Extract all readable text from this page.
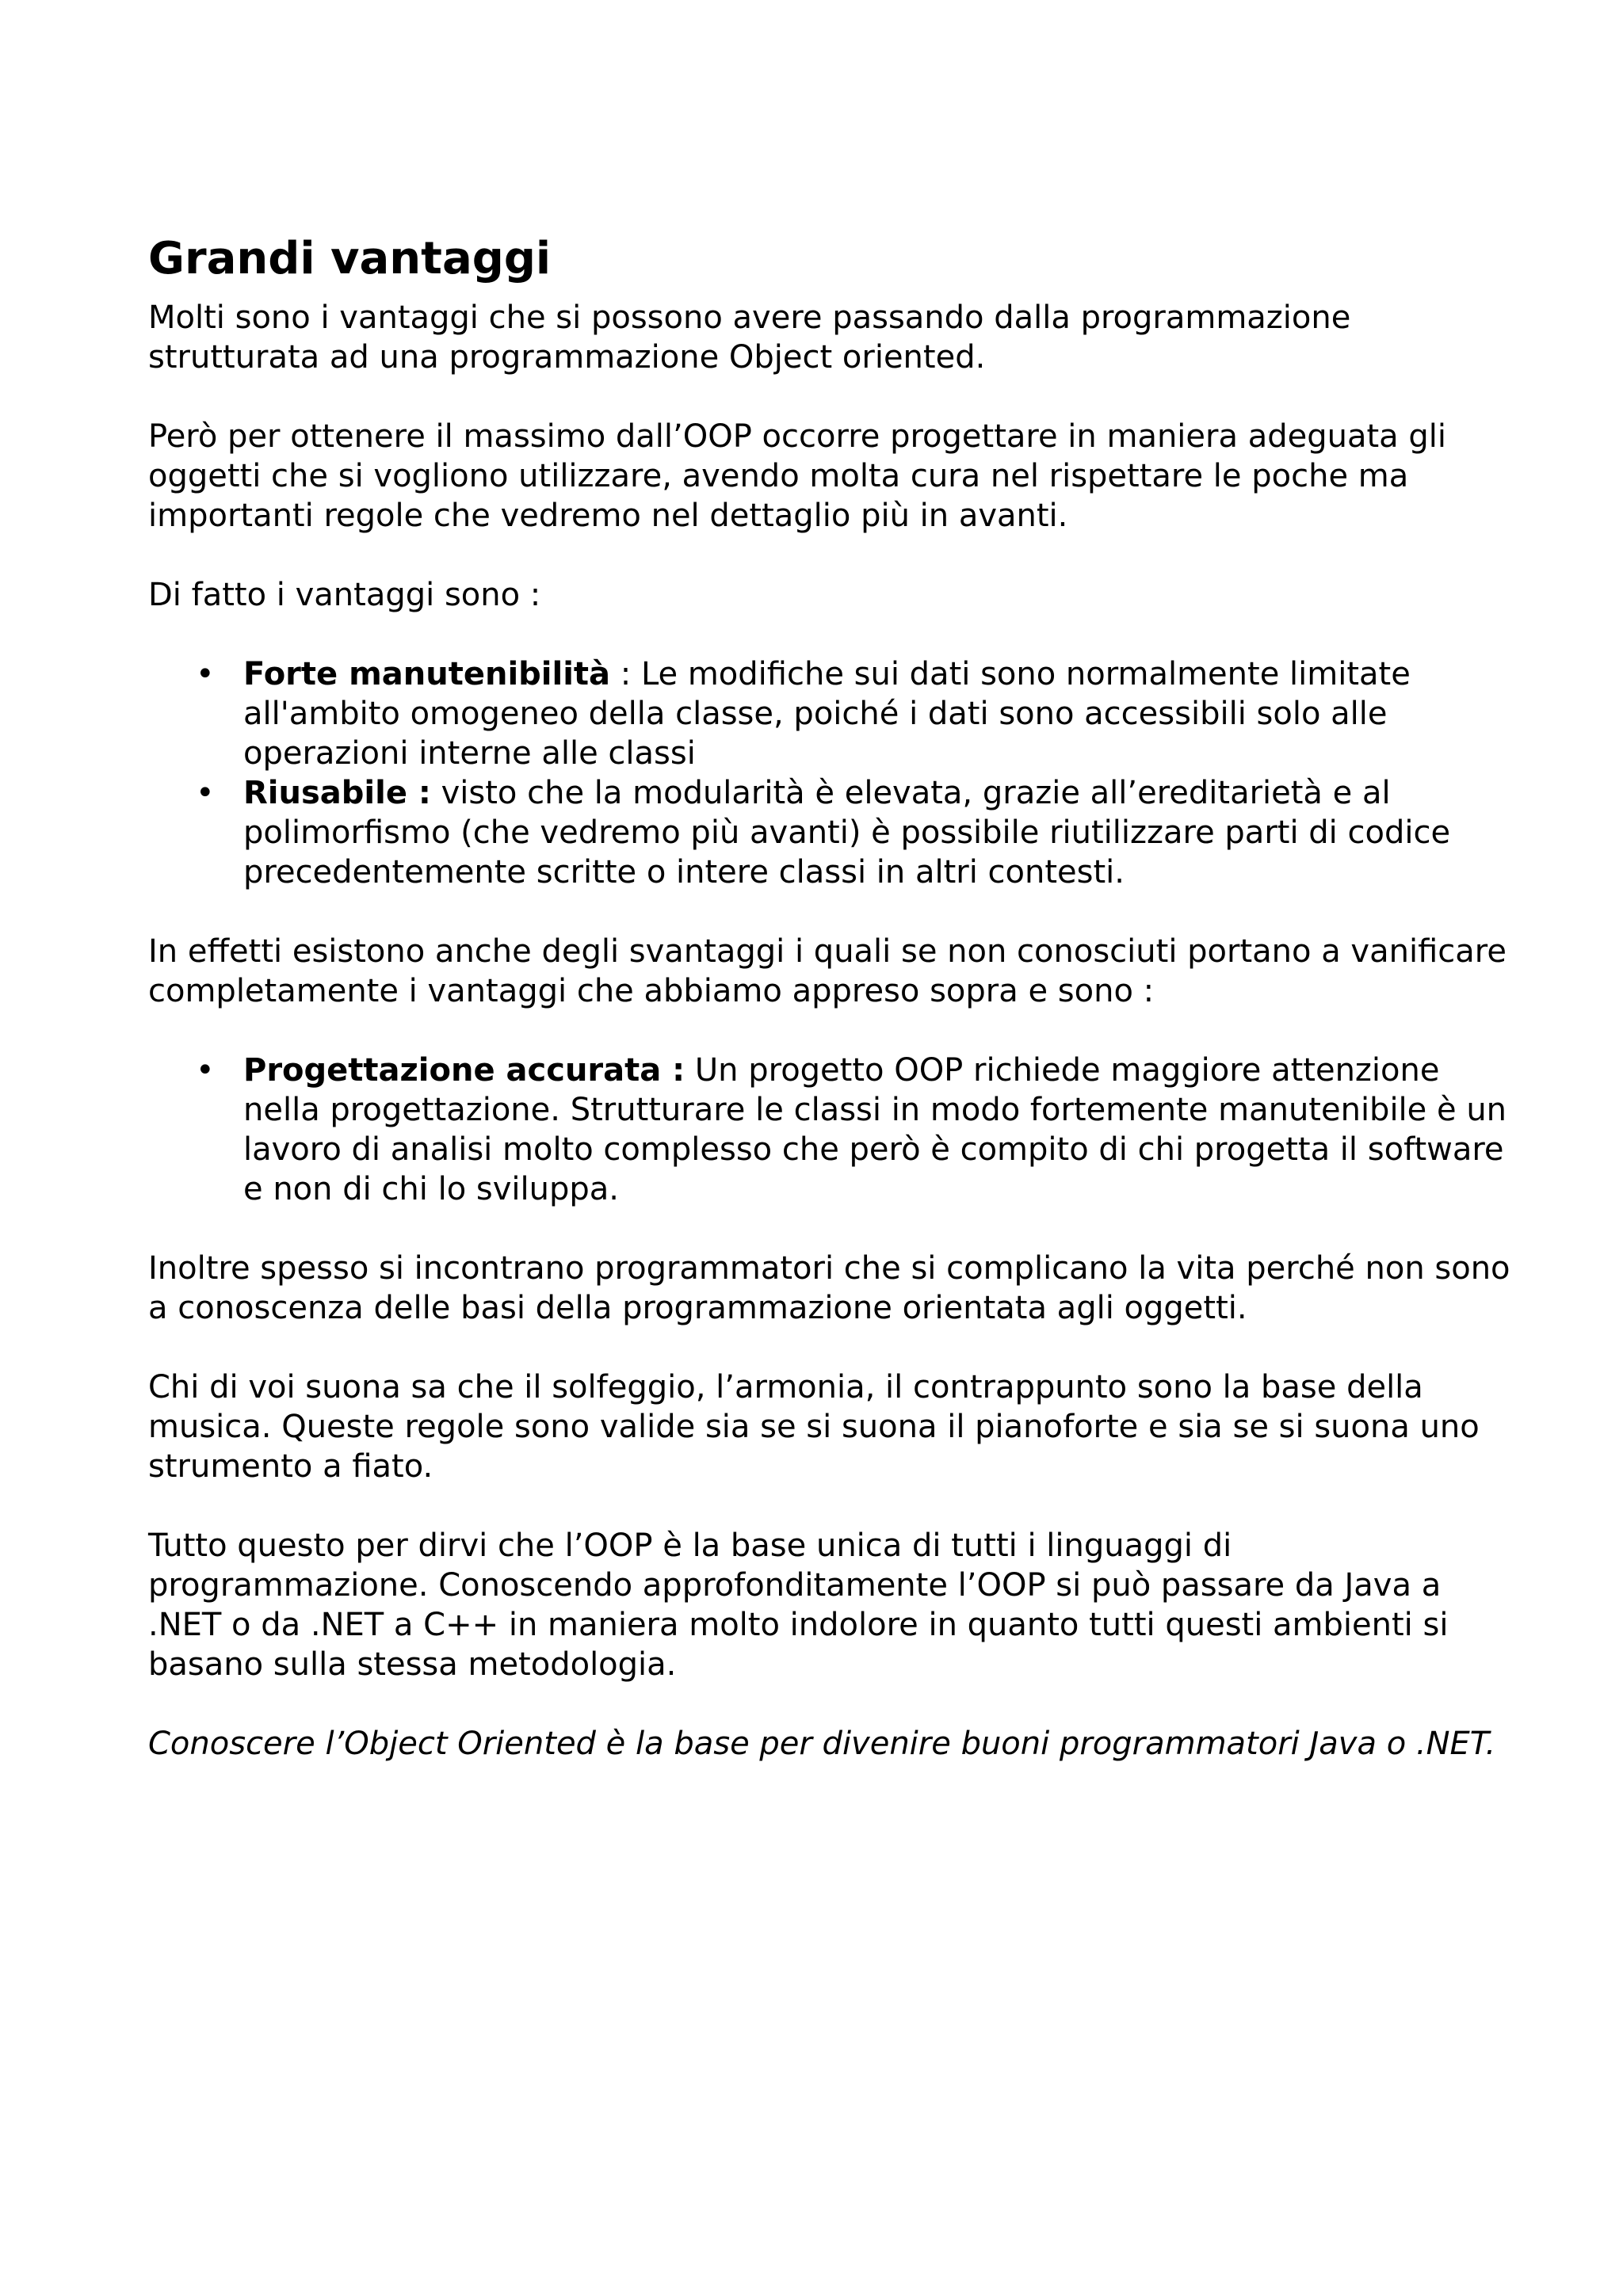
Grandi vantaggi

Molti sono i vantaggi che si possono avere passando dalla programmazione strutturata ad una programmazione Object oriented.

Però per ottenere il massimo dall’OOP occorre progettare in maniera adeguata gli oggetti che si vogliono utilizzare, avendo molta cura nel rispettare le poche ma importanti regole che vedremo nel dettaglio più in avanti.

Di fatto i vantaggi sono :

• Forte manutenibilità : Le modifiche sui dati sono normalmente limitate all'ambito omogeneo della classe, poiché i dati sono accessibili solo alle operazioni interne alle classi
• Riusabile : visto che la modularità è elevata, grazie all’ereditarietà e al polimorfismo (che vedremo più avanti) è possibile riutilizzare parti di codice precedentemente scritte o intere classi in altri contesti.

In effetti esistono anche degli svantaggi i quali se non conosciuti portano a vanificare completamente i vantaggi che abbiamo appreso sopra e sono :

• Progettazione accurata : Un progetto OOP richiede maggiore attenzione nella progettazione. Strutturare le classi in modo fortemente manutenibile è un lavoro di analisi molto complesso che però è compito di chi progetta il software e non di chi lo sviluppa.

Inoltre spesso si incontrano programmatori che si complicano la vita perché non sono a conoscenza delle basi della programmazione orientata agli oggetti.

Chi di voi suona sa che il solfeggio, l’armonia, il contrappunto sono la base della musica. Queste regole sono valide sia se si suona il pianoforte e sia se si suona uno strumento a fiato.

Tutto questo per dirvi che l’OOP è la base unica di tutti i linguaggi di programmazione. Conoscendo approfonditamente l’OOP si può passare da Java a .NET o da .NET a C++ in maniera molto indolore in quanto tutti questi ambienti si basano sulla stessa metodologia.

Conoscere l’Object Oriented è la base per divenire buoni programmatori Java o .NET.
